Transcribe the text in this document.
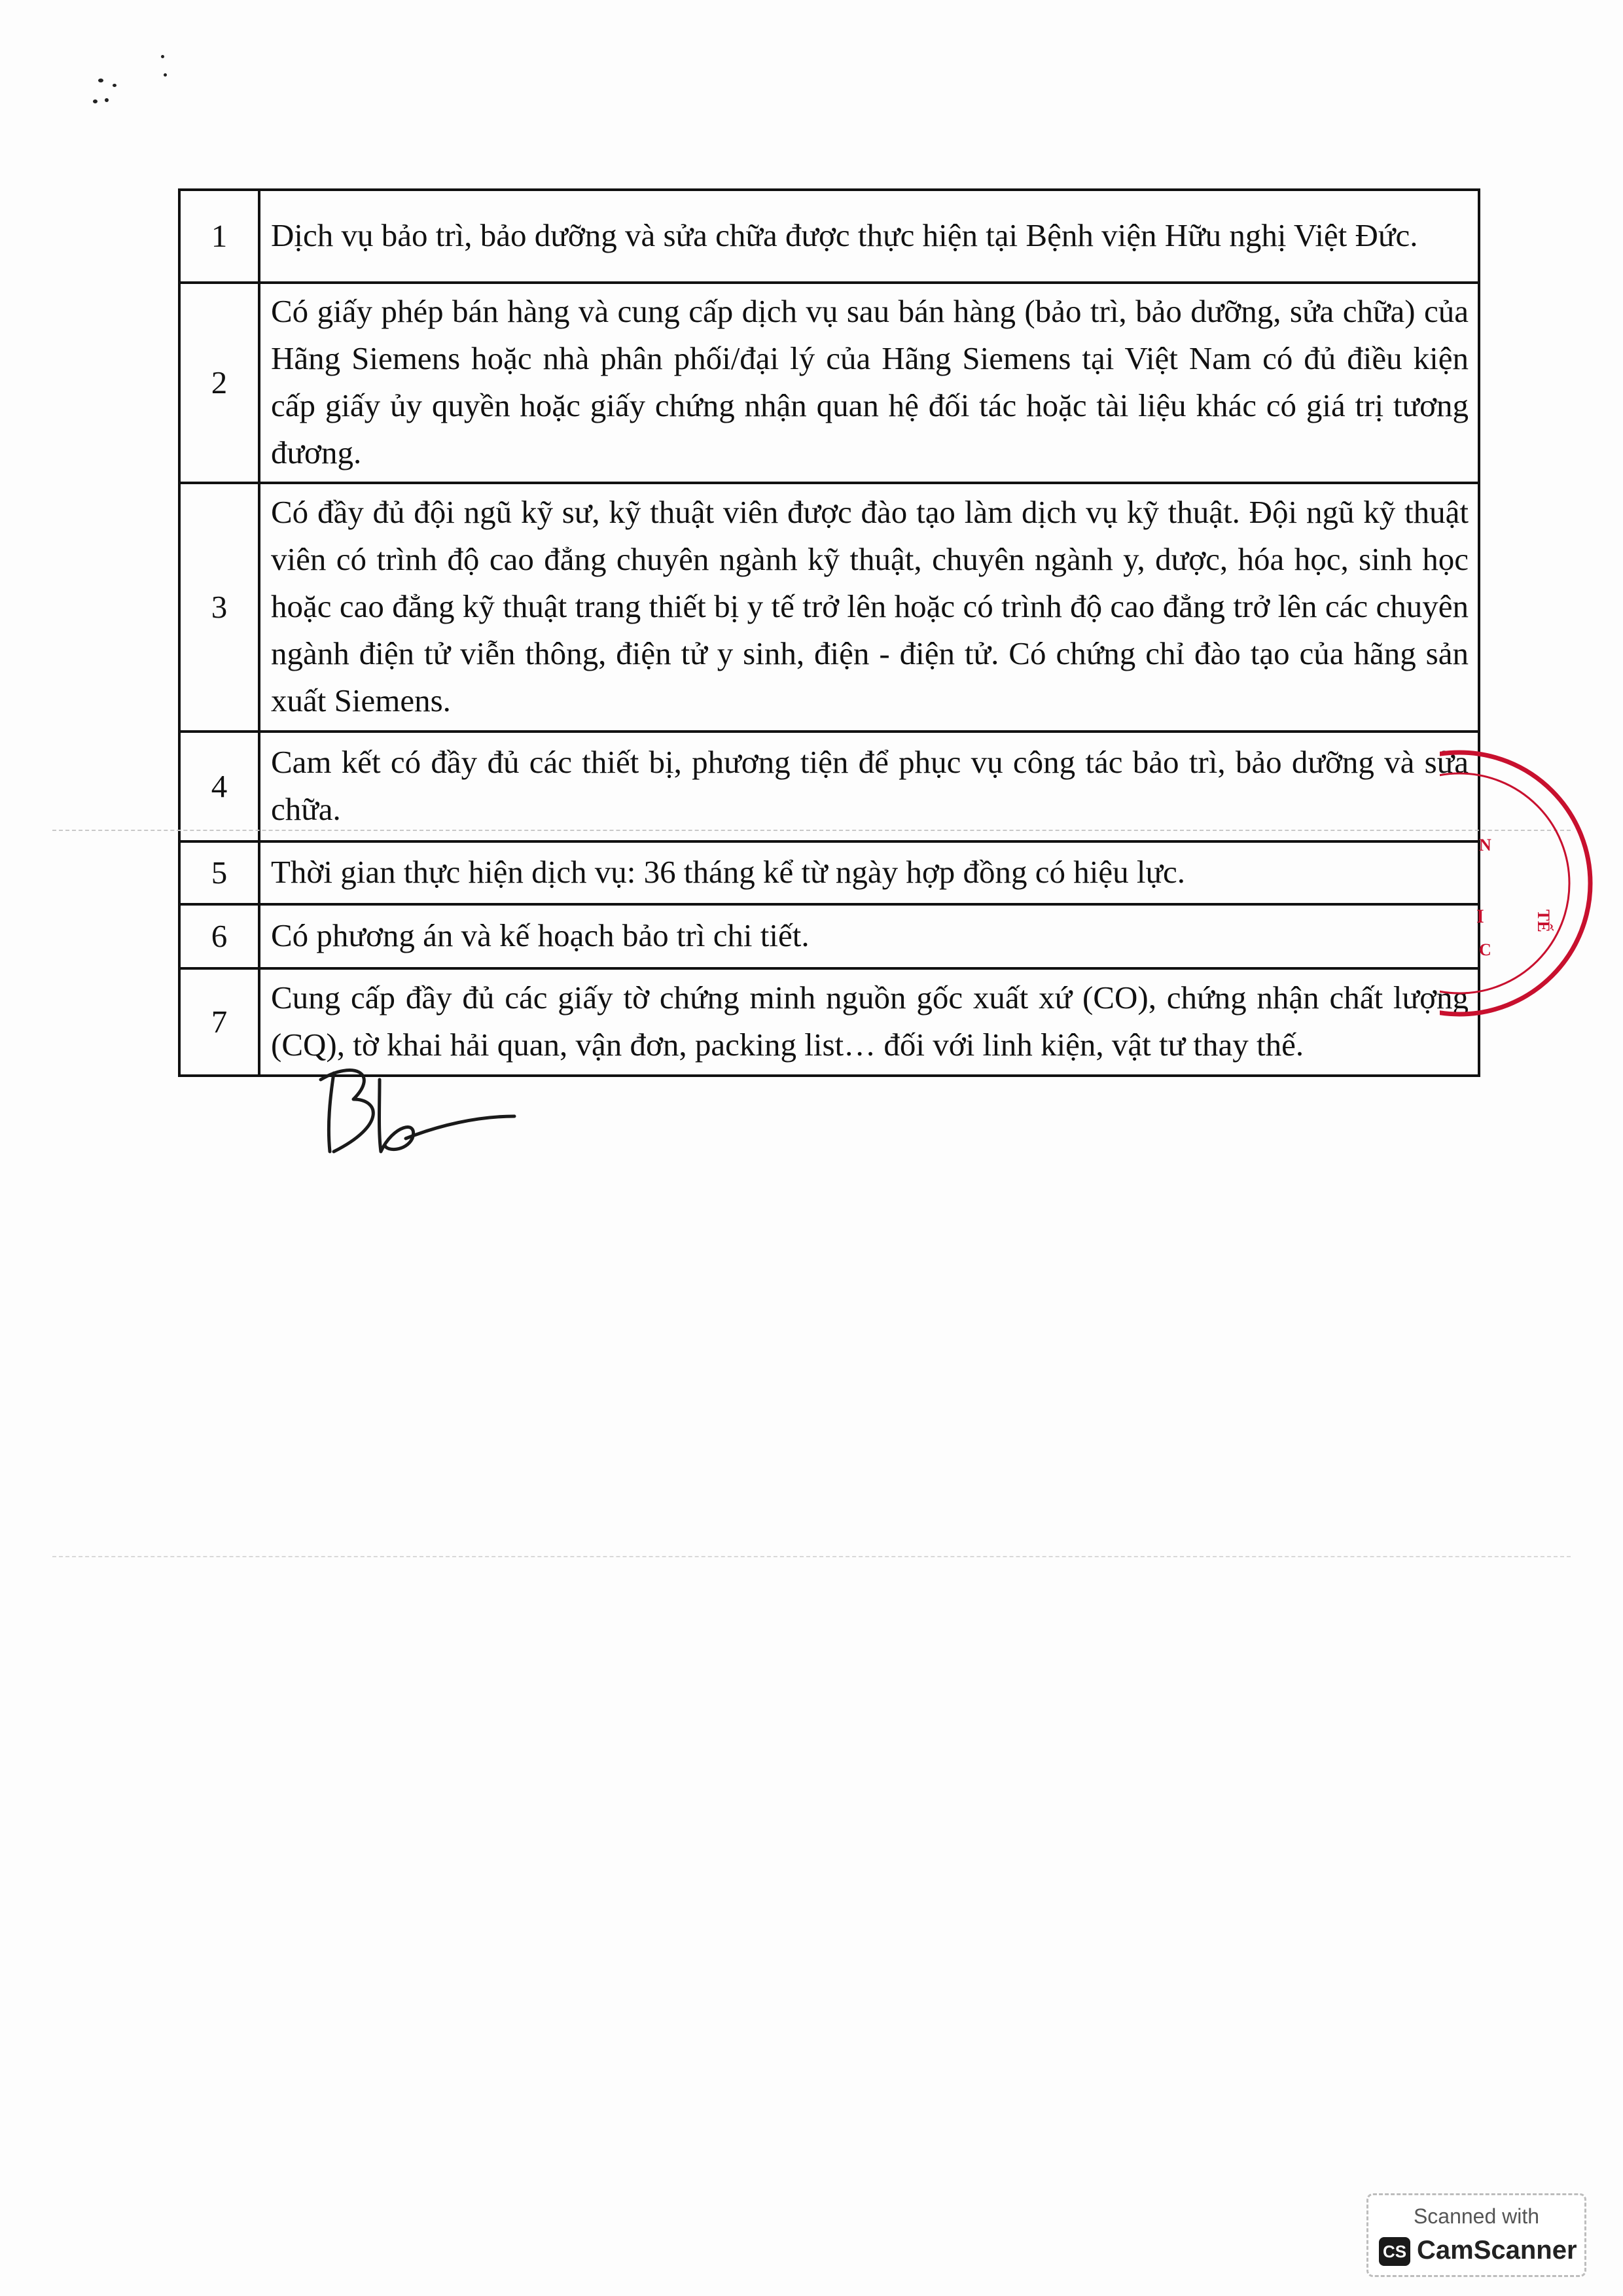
1	Dịch vụ bảo trì, bảo dưỡng và sửa chữa được thực hiện tại Bệnh viện Hữu nghị Việt Đức.
2	Có giấy phép bán hàng và cung cấp dịch vụ sau bán hàng (bảo trì, bảo dưỡng, sửa chữa) của Hãng Siemens hoặc nhà phân phối/đại lý của Hãng Siemens tại Việt Nam có đủ điều kiện cấp giấy ủy quyền hoặc giấy chứng nhận quan hệ đối tác hoặc tài liệu khác có giá trị tương đương.
3	Có đầy đủ đội ngũ kỹ sư, kỹ thuật viên được đào tạo làm dịch vụ kỹ thuật. Đội ngũ kỹ thuật viên có trình độ cao đẳng chuyên ngành kỹ thuật, chuyên ngành y, dược, hóa học, sinh học hoặc cao đẳng kỹ thuật trang thiết bị y tế trở lên hoặc có trình độ cao đẳng trở lên các chuyên ngành điện tử viễn thông, điện tử y sinh, điện - điện tử. Có chứng chỉ đào tạo của hãng sản xuất Siemens.
4	Cam kết có đầy đủ các thiết bị, phương tiện để phục vụ công tác bảo trì, bảo dưỡng và sửa chữa.
5	Thời gian thực hiện dịch vụ: 36 tháng kể từ ngày hợp đồng có hiệu lực.
6	Có phương án và kế hoạch bảo trì chi tiết.
7	Cung cấp đầy đủ các giấy tờ chứng minh nguồn gốc xuất xứ (CO), chứng nhận chất lượng (CQ), tờ khai hải quan, vận đơn, packing list… đối với linh kiện, vật tư thay thế.
N
I
C
TẾ
Scanned with
CS CamScanner
